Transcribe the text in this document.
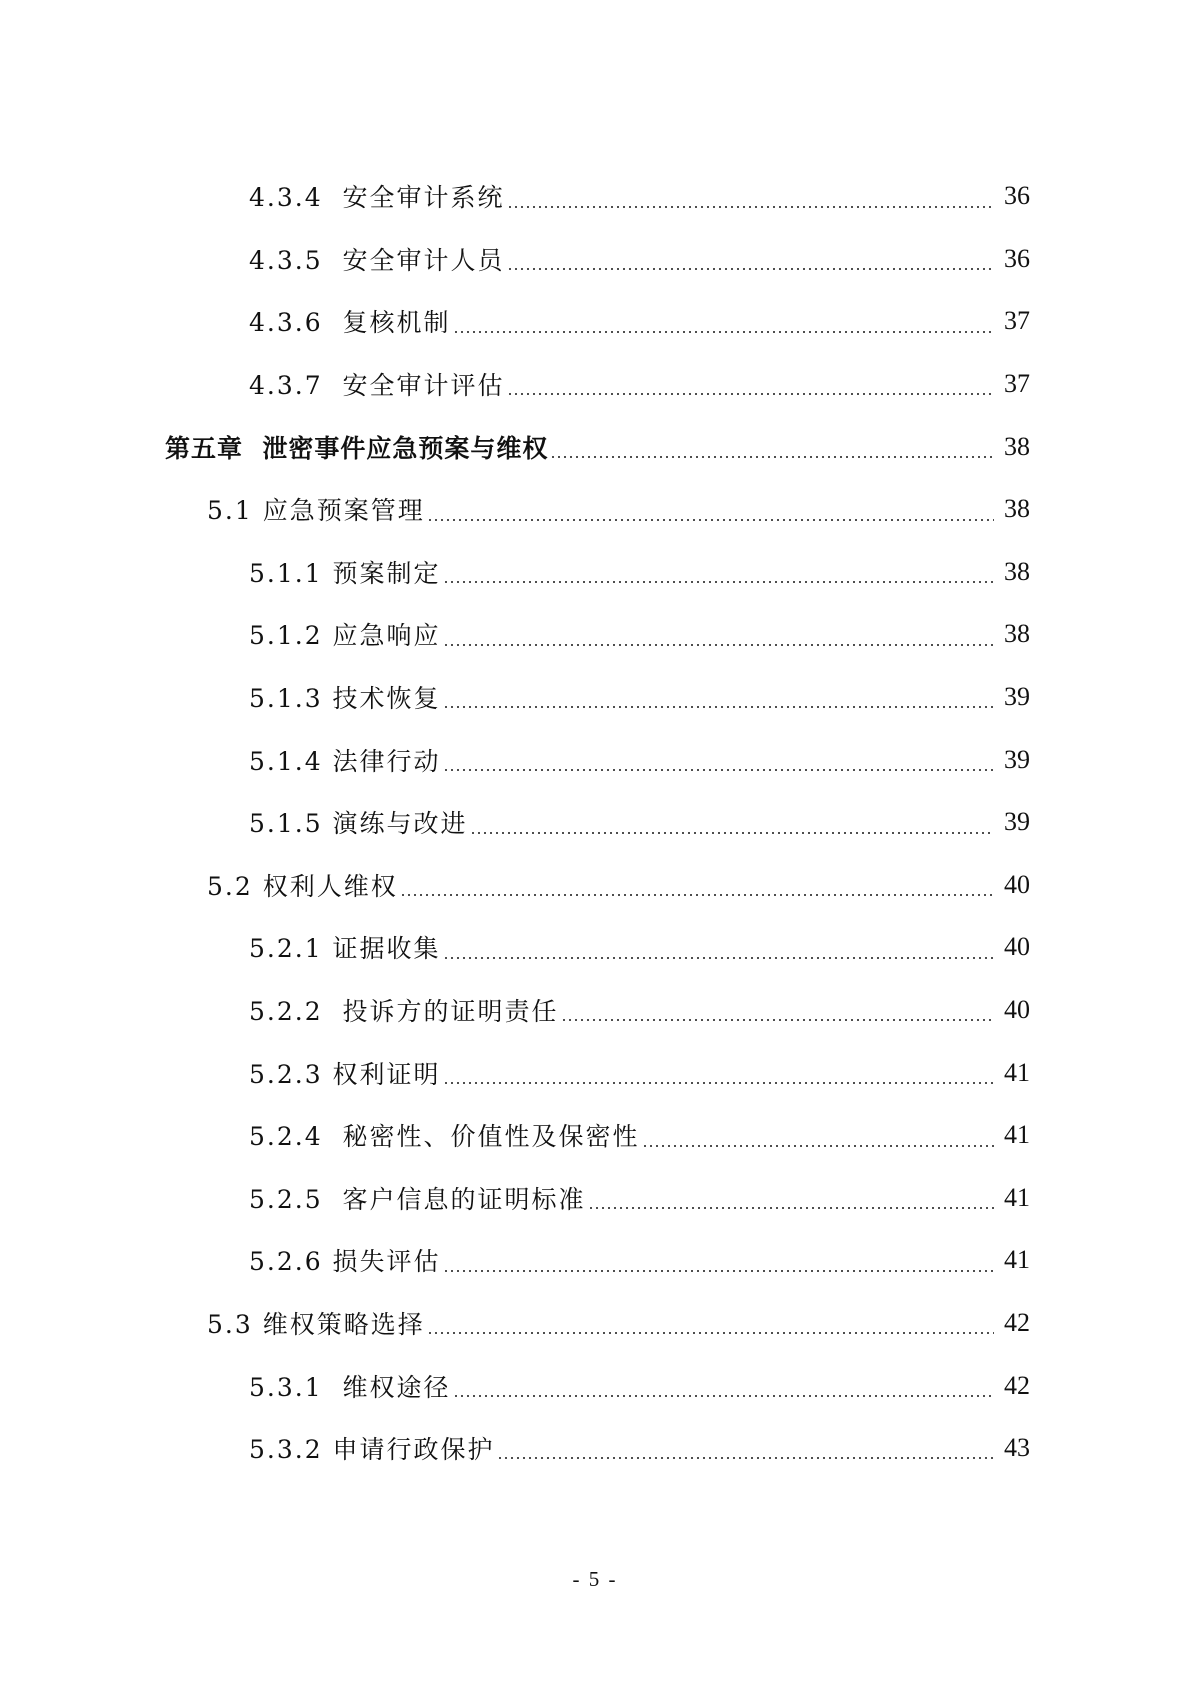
4.3.4  安全审计系统	36
4.3.5  安全审计人员	36
4.3.6  复核机制	37
4.3.7  安全审计评估	37
第五章  泄密事件应急预案与维权	38
5.1 应急预案管理	38
5.1.1 预案制定	38
5.1.2 应急响应	38
5.1.3 技术恢复	39
5.1.4 法律行动	39
5.1.5 演练与改进	39
5.2 权利人维权	40
5.2.1 证据收集	40
5.2.2  投诉方的证明责任	40
5.2.3 权利证明	41
5.2.4  秘密性、价值性及保密性	41
5.2.5  客户信息的证明标准	41
5.2.6 损失评估	41
5.3 维权策略选择	42
5.3.1  维权途径	42
5.3.2 申请行政保护	43
- 5 -
